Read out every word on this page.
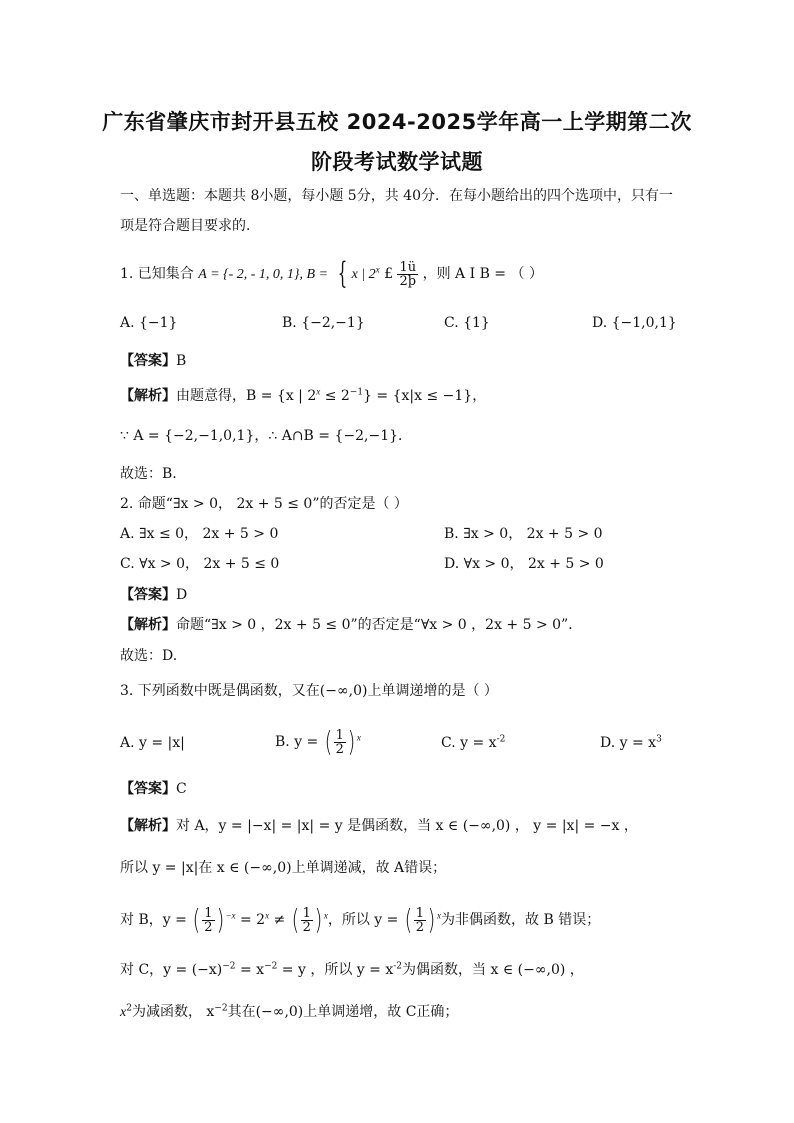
广东省肇庆市封开县五校 2024-2025学年高一上学期第二次
阶段考试数学试题
一、单选题：本题共 8小题，每小题 5分，共 40分．在每小题给出的四个选项中，只有一
项是符合题目要求的．
1. 已知集合 A = {- 2, - 1, 0, 1}, B = { x | 2$^x$ £ $\frac{1ü}{2þ}$ ，则 A I B = （ ）
A. {−1}	B. {−2,−1}	C. {1}	D. {−1,0,1}
【答案】B
【解析】由题意得，B = {x | $2^x \le 2^{-1}\} = \{x|x \le -1\}$，
∵ A = {−2,−1,0,1}，∴ A∩B = {−2,−1}．
故选：B.
2. 命题“∃x > 0， 2x + 5 ≤ 0”的否定是（ ）
A. ∃x ≤ 0， 2x + 5 > 0	B. ∃x > 0， 2x + 5 > 0
C. ∀x > 0， 2x + 5 ≤ 0	D. ∀x > 0， 2x + 5 > 0
【答案】D
【解析】命题“∃x > 0 ，2x + 5 ≤ 0”的否定是“∀x > 0 ，2x + 5 > 0”．
故选：D.
3. 下列函数中既是偶函数，又在(−∞,0)上单调递增的是（ ）
A. y = |x|	B. y = ( $\frac{1}{2}$ ) $^x$	C. $y = x^{-2}$	D. $y = x^3$
【答案】C
【解析】对 A，y = |−x| = |x| = y 是偶函数，当 x ∈ (−∞,0) ， y = |x| = −x ，
所以 y = |x|在 x ∈ (−∞,0)上单调递减，故 A错误；
对 B，y = ( $\frac{1}{2}$ ) $^{-x} = 2^x$ ≠ ( $\frac{1}{2}$ ) $^x$，所以 y = ( $\frac{1}{2}$ ) $^x$为非偶函数，故 B 错误；
对 C，$y = (-x)^{-2} = x^{-2} = y$ ，所以 $y = x^{-2}$为偶函数，当 x ∈ (−∞,0) ，
$x^2$为减函数， $x^{-2}$其在(−∞,0)上单调递增，故 C正确；
